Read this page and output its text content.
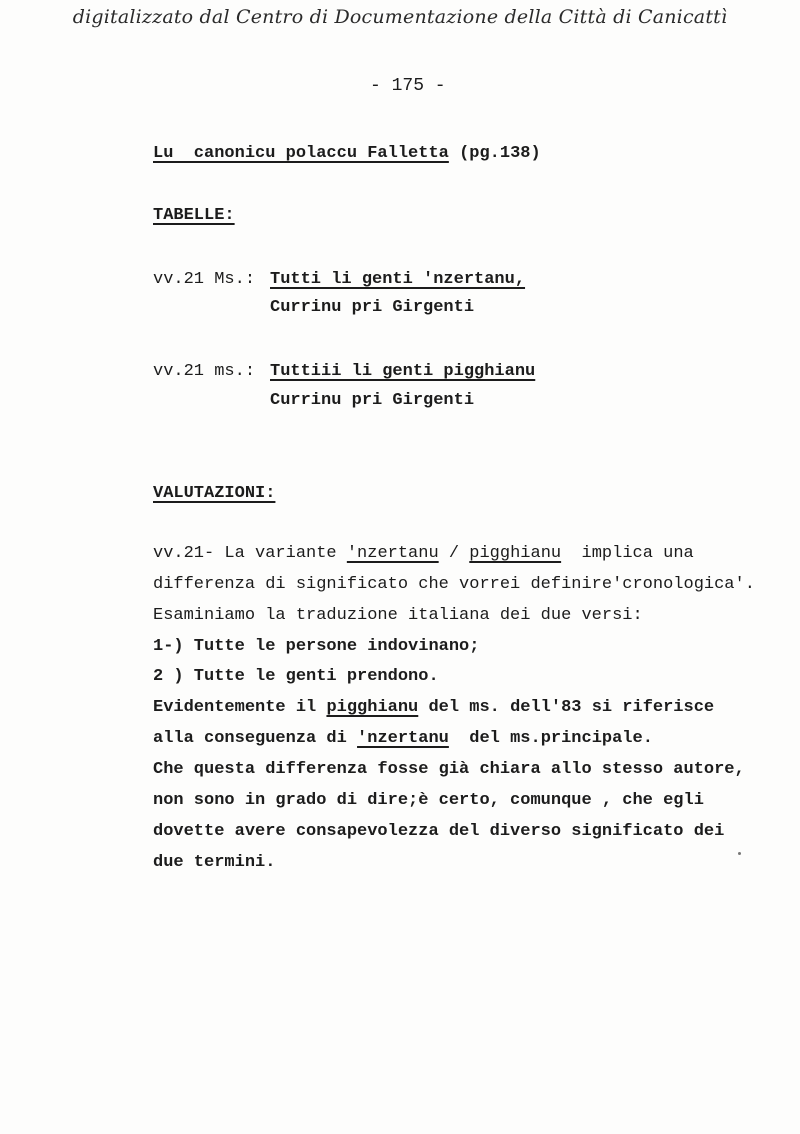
digitalizzato dal Centro di Documentazione della Città di Canicattì
- 175 -
Lu  canonicu polaccu Falletta (pg.138)
TABELLE:
vv.21 Ms.: Tutti li genti 'nzertanu,
Currinu pri Girgenti
vv.21 ms.: Tuttiii li genti pigghianu
Currinu pri Girgenti
VALUTAZIONI:
vv.21- La variante 'nzertanu / pigghianu  implica una
differenza di significato che vorrei definire'cronologica'.
Esaminiamo la traduzione italiana dei due versi:
1-) Tutte le persone indovinano;
2 ) Tutte le genti prendono.
Evidentemente il pigghianu del ms. dell'83 si riferisce
alla conseguenza di 'nzertanu  del ms.principale.
Che questa differenza fosse già chiara allo stesso autore,
non sono in grado di dire;è certo, comunque , che egli
dovette avere consapevolezza del diverso significato dei
due termini.
